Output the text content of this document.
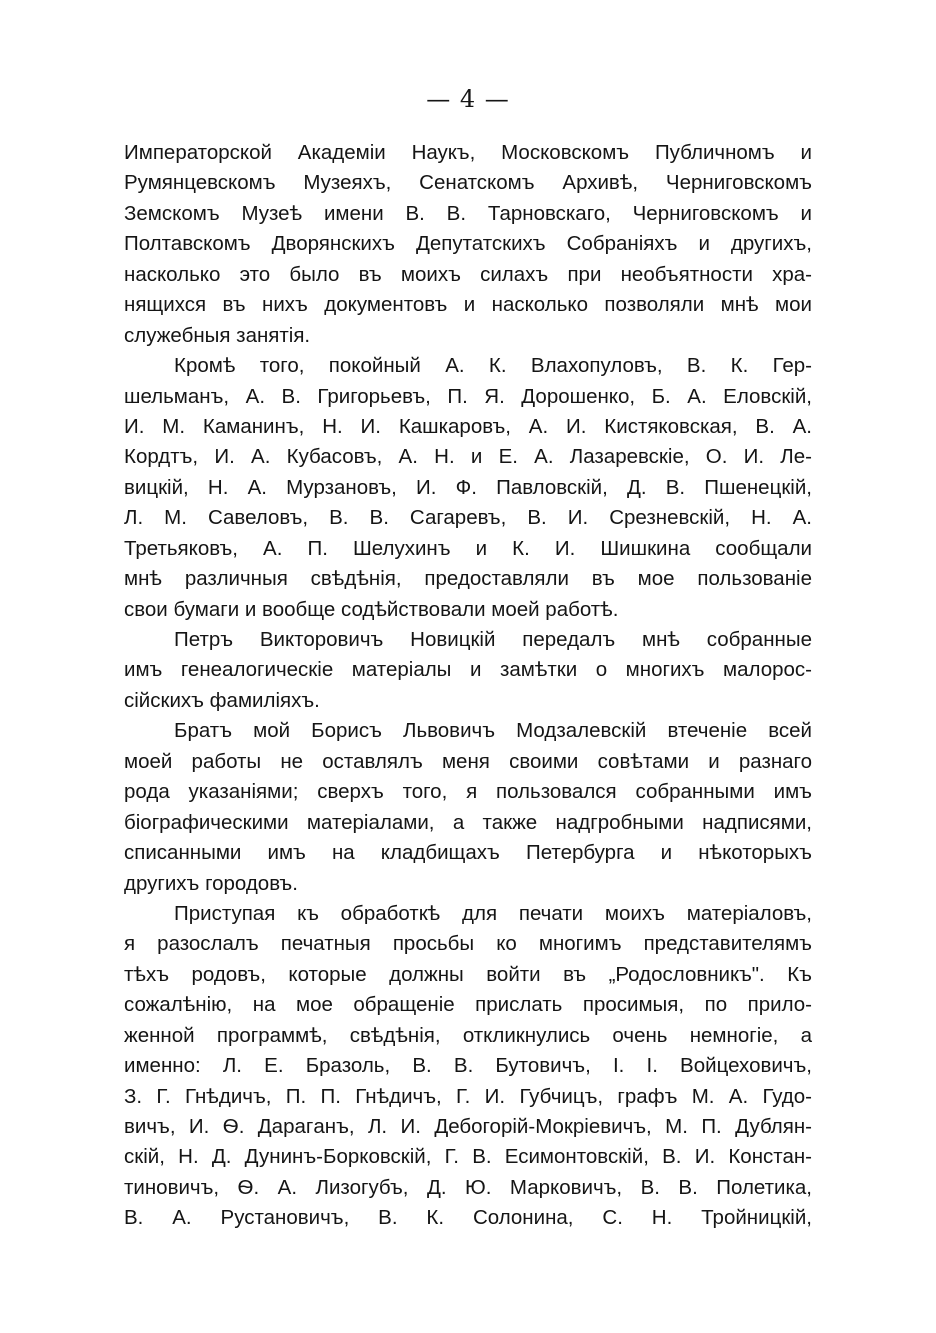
— 4 —
Императорской Академiи Наукъ, Московскомъ Публичномъ и
Румянцевскомъ Музеяхъ, Сенатскомъ Архивѣ, Черниговскомъ
Земскомъ Музеѣ имени В. В. Тарновскаго, Черниговскомъ и
Полтавскомъ Дворянскихъ Депутатскихъ Собранiяхъ и другихъ,
насколько это было въ моихъ силахъ при необъятности хра-
нящихся въ нихъ документовъ и насколько позволяли мнѣ мои
служебныя занятiя.
Кромѣ того, покойный А. К. Влахопуловъ, В. К. Гер-
шельманъ, А. В. Григорьевъ, П. Я. Дорошенко, Б. А. Еловскiй,
И. М. Каманинъ, Н. И. Кашкаровъ, А. И. Кистяковская, В. А.
Кордтъ, И. А. Кубасовъ, А. Н. и Е. А. Лазаревскiе, О. И. Ле-
вицкiй, Н. А. Мурзановъ, И. Ф. Павловскiй, Д. В. Пшенецкiй,
Л. М. Савеловъ, В. В. Сагаревъ, В. И. Срезневскiй, Н. А.
Третьяковъ, А. П. Шелухинъ и К. И. Шишкина сообщали
мнѣ различныя свѣдѣнiя, предоставляли въ мое пользованiе
свои бумаги и вообще содѣйствовали моей работѣ.
Петръ Викторовичъ Новицкiй передалъ мнѣ собранные
имъ генеалогическiе матерiалы и замѣтки о многихъ малорос-
сiйскихъ фамилiяхъ.
Братъ мой Борисъ Львовичъ Модзалевскiй втеченiе всей
моей работы не оставлялъ меня своими совѣтами и разнаго
рода указанiями; сверхъ того, я пользовался собранными имъ
бiографическими матерiалами, а также надгробными надписями,
списанными имъ на кладбищахъ Петербурга и нѣкоторыхъ
другихъ городовъ.
Приступая къ обработкѣ для печати моихъ матерiаловъ,
я разослалъ печатныя просьбы ко многимъ представителямъ
тѣхъ родовъ, которые должны войти въ „Родословникъ". Къ
сожалѣнiю, на мое обращенiе прислать просимыя, по прило-
женной программѣ, свѣдѣнiя, откликнулись очень немногiе, а
именно: Л. Е. Бразоль, В. В. Бутовичъ, I. I. Войцеховичъ,
З. Г. Гнѣдичъ, П. П. Гнѣдичъ, Г. И. Губчицъ, графъ М. А. Гудо-
вичъ, И. Ѳ. Дарагaнъ, Л. И. Дебогорiй-Мокрiевичъ, М. П. Дублян-
скiй, Н. Д. Дунинъ-Борковскiй, Г. В. Есимонтовскiй, В. И. Констан-
тиновичъ, Ѳ. А. Лизогубъ, Д. Ю. Марковичъ, В. В. Полетика,
В. А. Рустановичъ, В. К. Солонина, С. Н. Тройницкiй,
